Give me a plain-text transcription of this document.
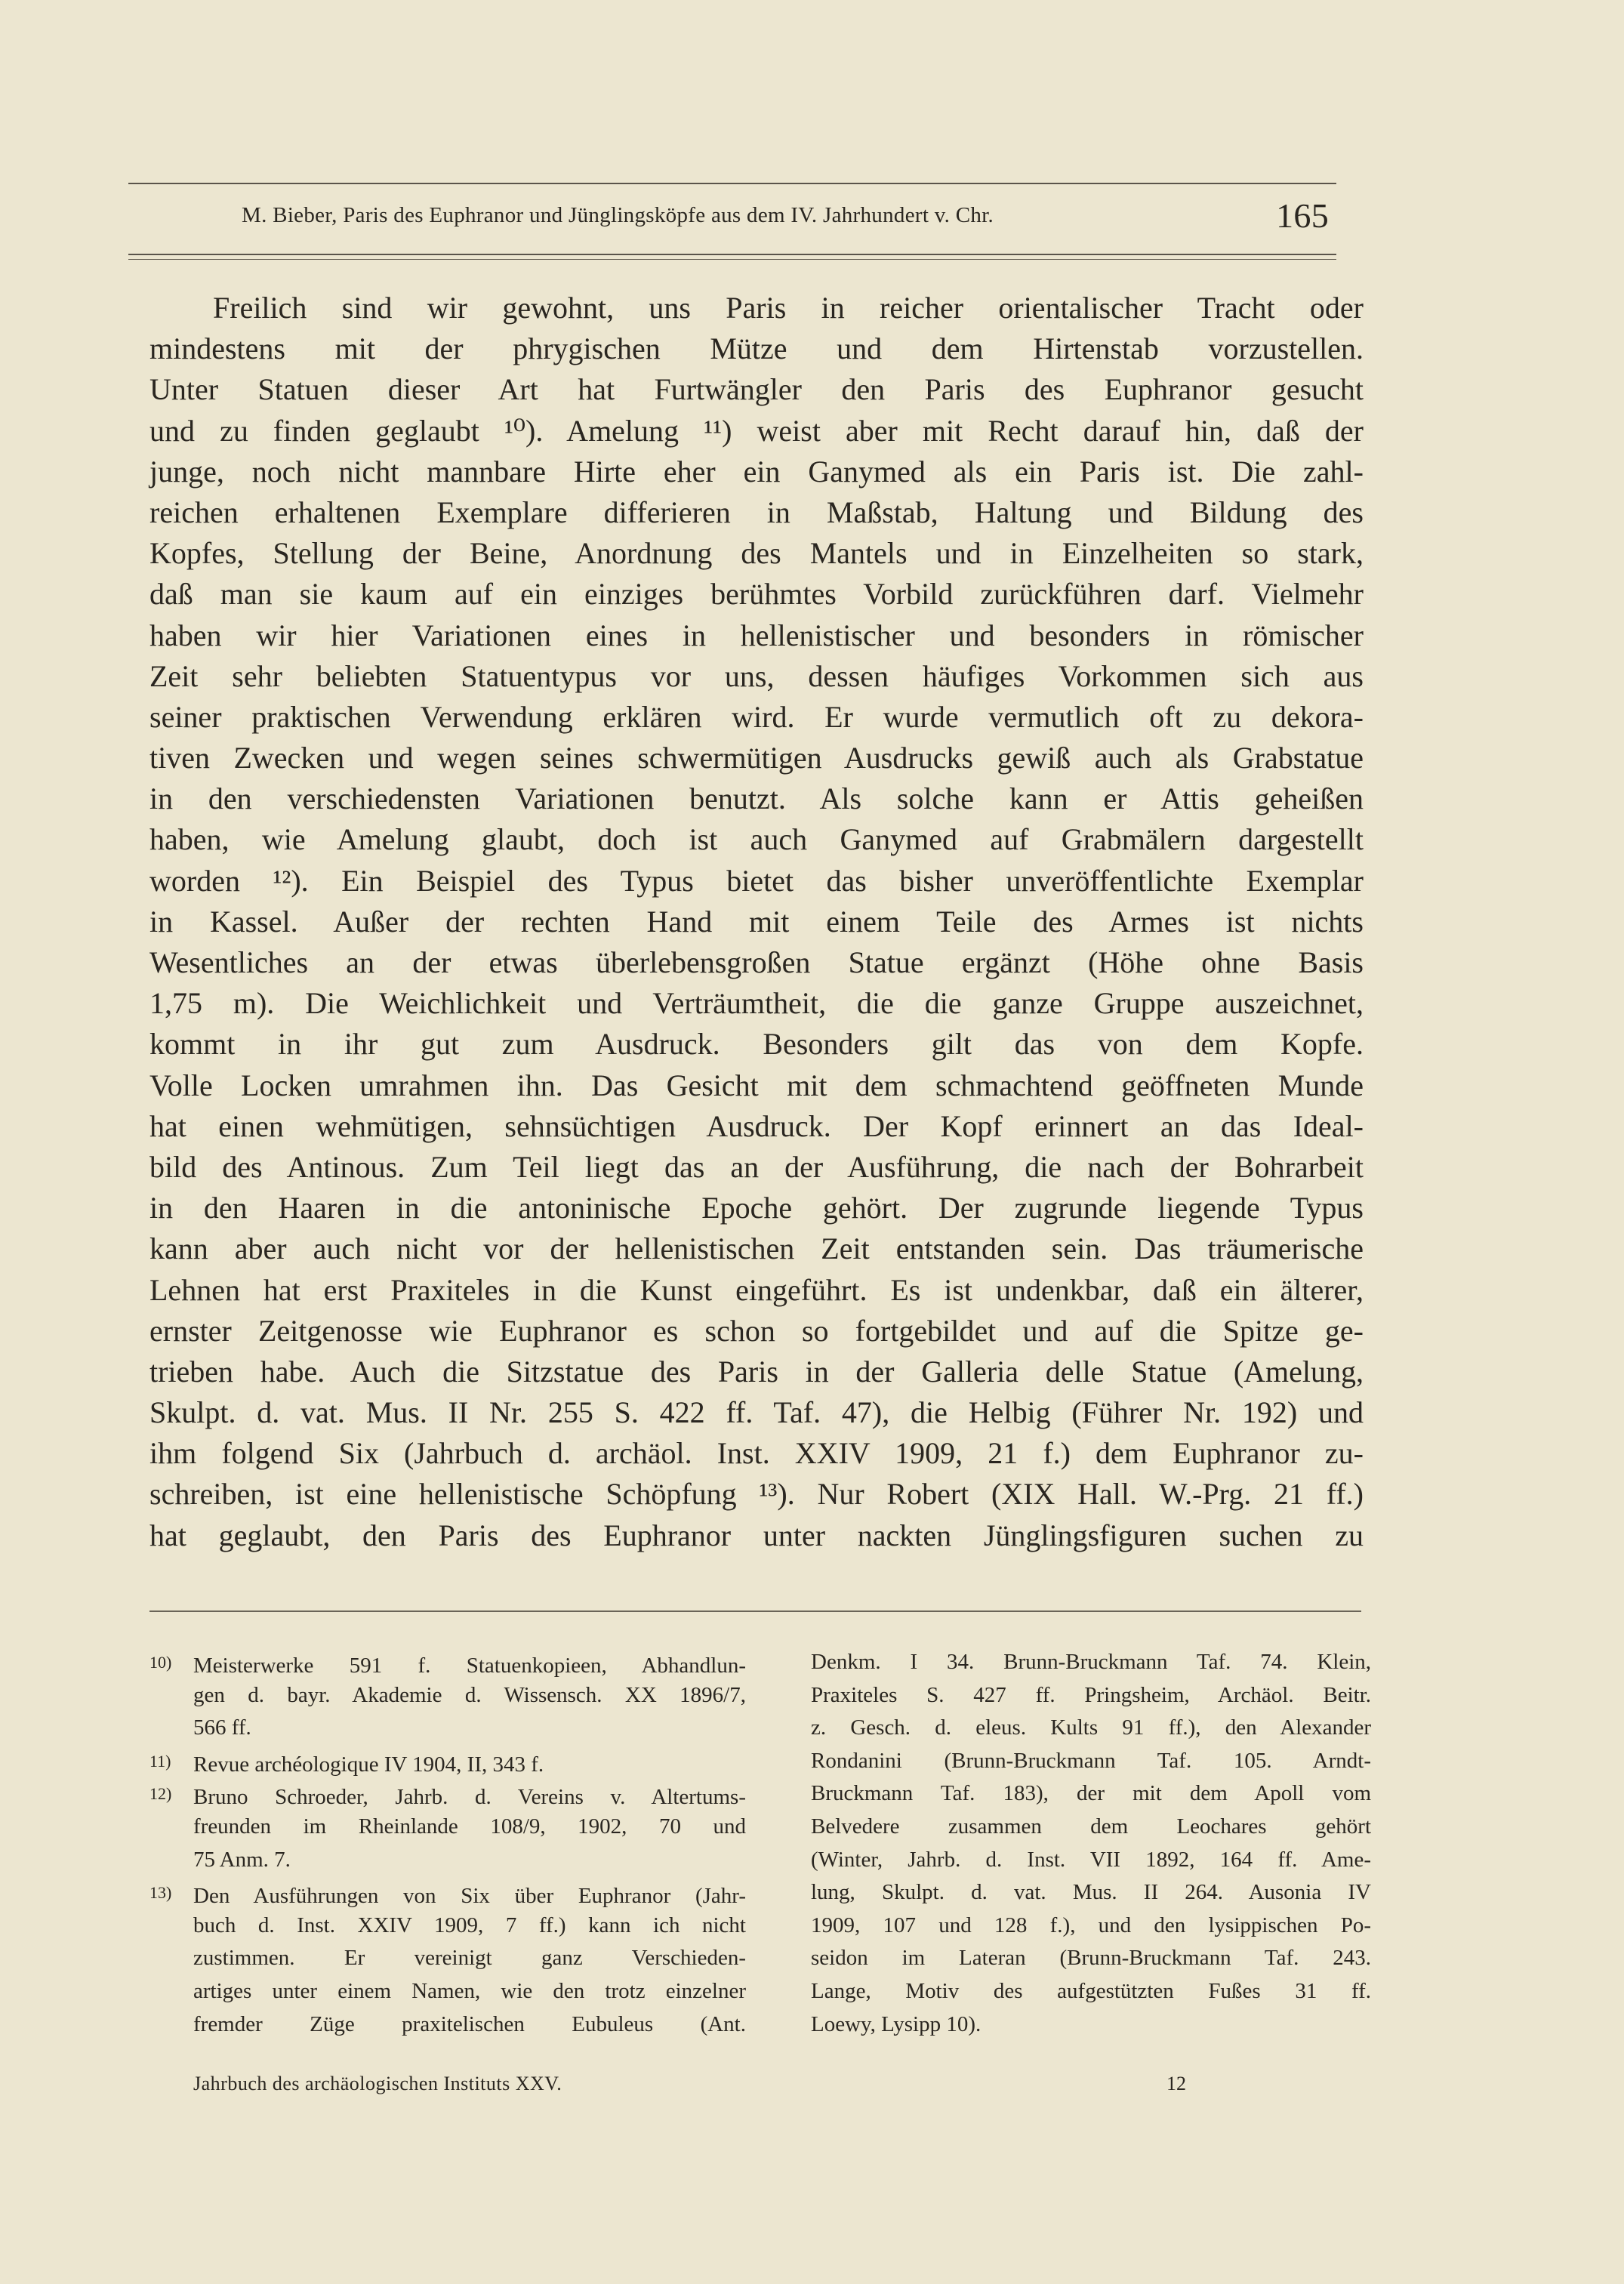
M. Bieber, Paris des Euphranor und Jünglingsköpfe aus dem IV. Jahrhundert v. Chr.	165
Freilich sind wir gewohnt, uns Paris in reicher orientalischer Tracht oder
mindestens mit der phrygischen Mütze und dem Hirtenstab vorzustellen.
Unter Statuen dieser Art hat Furtwängler den Paris des Euphranor gesucht
und zu finden geglaubt ¹⁰). Amelung ¹¹) weist aber mit Recht darauf hin, daß der
junge, noch nicht mannbare Hirte eher ein Ganymed als ein Paris ist. Die zahl-
reichen erhaltenen Exemplare differieren in Maßstab, Haltung und Bildung des
Kopfes, Stellung der Beine, Anordnung des Mantels und in Einzelheiten so stark,
daß man sie kaum auf ein einziges berühmtes Vorbild zurückführen darf. Vielmehr
haben wir hier Variationen eines in hellenistischer und besonders in römischer
Zeit sehr beliebten Statuentypus vor uns, dessen häufiges Vorkommen sich aus
seiner praktischen Verwendung erklären wird. Er wurde vermutlich oft zu dekora-
tiven Zwecken und wegen seines schwermütigen Ausdrucks gewiß auch als Grabstatue
in den verschiedensten Variationen benutzt. Als solche kann er Attis geheißen
haben, wie Amelung glaubt, doch ist auch Ganymed auf Grabmälern dargestellt
worden ¹²). Ein Beispiel des Typus bietet das bisher unveröffentlichte Exemplar
in Kassel. Außer der rechten Hand mit einem Teile des Armes ist nichts
Wesentliches an der etwas überlebensgroßen Statue ergänzt (Höhe ohne Basis
1,75 m). Die Weichlichkeit und Verträumtheit, die die ganze Gruppe auszeichnet,
kommt in ihr gut zum Ausdruck. Besonders gilt das von dem Kopfe.
Volle Locken umrahmen ihn. Das Gesicht mit dem schmachtend geöffneten Munde
hat einen wehmütigen, sehnsüchtigen Ausdruck. Der Kopf erinnert an das Ideal-
bild des Antinous. Zum Teil liegt das an der Ausführung, die nach der Bohrarbeit
in den Haaren in die antoninische Epoche gehört. Der zugrunde liegende Typus
kann aber auch nicht vor der hellenistischen Zeit entstanden sein. Das träumerische
Lehnen hat erst Praxiteles in die Kunst eingeführt. Es ist undenkbar, daß ein älterer,
ernster Zeitgenosse wie Euphranor es schon so fortgebildet und auf die Spitze ge-
trieben habe. Auch die Sitzstatue des Paris in der Galleria delle Statue (Amelung,
Skulpt. d. vat. Mus. II Nr. 255 S. 422 ff. Taf. 47), die Helbig (Führer Nr. 192) und
ihm folgend Six (Jahrbuch d. archäol. Inst. XXIV 1909, 21 f.) dem Euphranor zu-
schreiben, ist eine hellenistische Schöpfung ¹³). Nur Robert (XIX Hall. W.-Prg. 21 ff.)
hat geglaubt, den Paris des Euphranor unter nackten Jünglingsfiguren suchen zu
10) Meisterwerke 591 f. Statuenkopieen, Abhandlun-
gen d. bayr. Akademie d. Wissensch. XX 1896/7,
566 ff.
11) Revue archéologique IV 1904, II, 343 f.
12) Bruno Schroeder, Jahrb. d. Vereins v. Altertums-
freunden im Rheinlande 108/9, 1902, 70 und
75 Anm. 7.
13) Den Ausführungen von Six über Euphranor (Jahr-
buch d. Inst. XXIV 1909, 7 ff.) kann ich nicht
zustimmen. Er vereinigt ganz Verschieden-
artiges unter einem Namen, wie den trotz einzelner
fremder Züge praxitelischen Eubuleus (Ant.
Denkm. I 34. Brunn-Bruckmann Taf. 74. Klein,
Praxiteles S. 427 ff. Pringsheim, Archäol. Beitr.
z. Gesch. d. eleus. Kults 91 ff.), den Alexander
Rondanini (Brunn-Bruckmann Taf. 105. Arndt-
Bruckmann Taf. 183), der mit dem Apoll vom
Belvedere zusammen dem Leochares gehört
(Winter, Jahrb. d. Inst. VII 1892, 164 ff. Ame-
lung, Skulpt. d. vat. Mus. II 264. Ausonia IV
1909, 107 und 128 f.), und den lysippischen Po-
seidon im Lateran (Brunn-Bruckmann Taf. 243.
Lange, Motiv des aufgestützten Fußes 31 ff.
Loewy, Lysipp 10).
Jahrbuch des archäologischen Instituts XXV.	12
